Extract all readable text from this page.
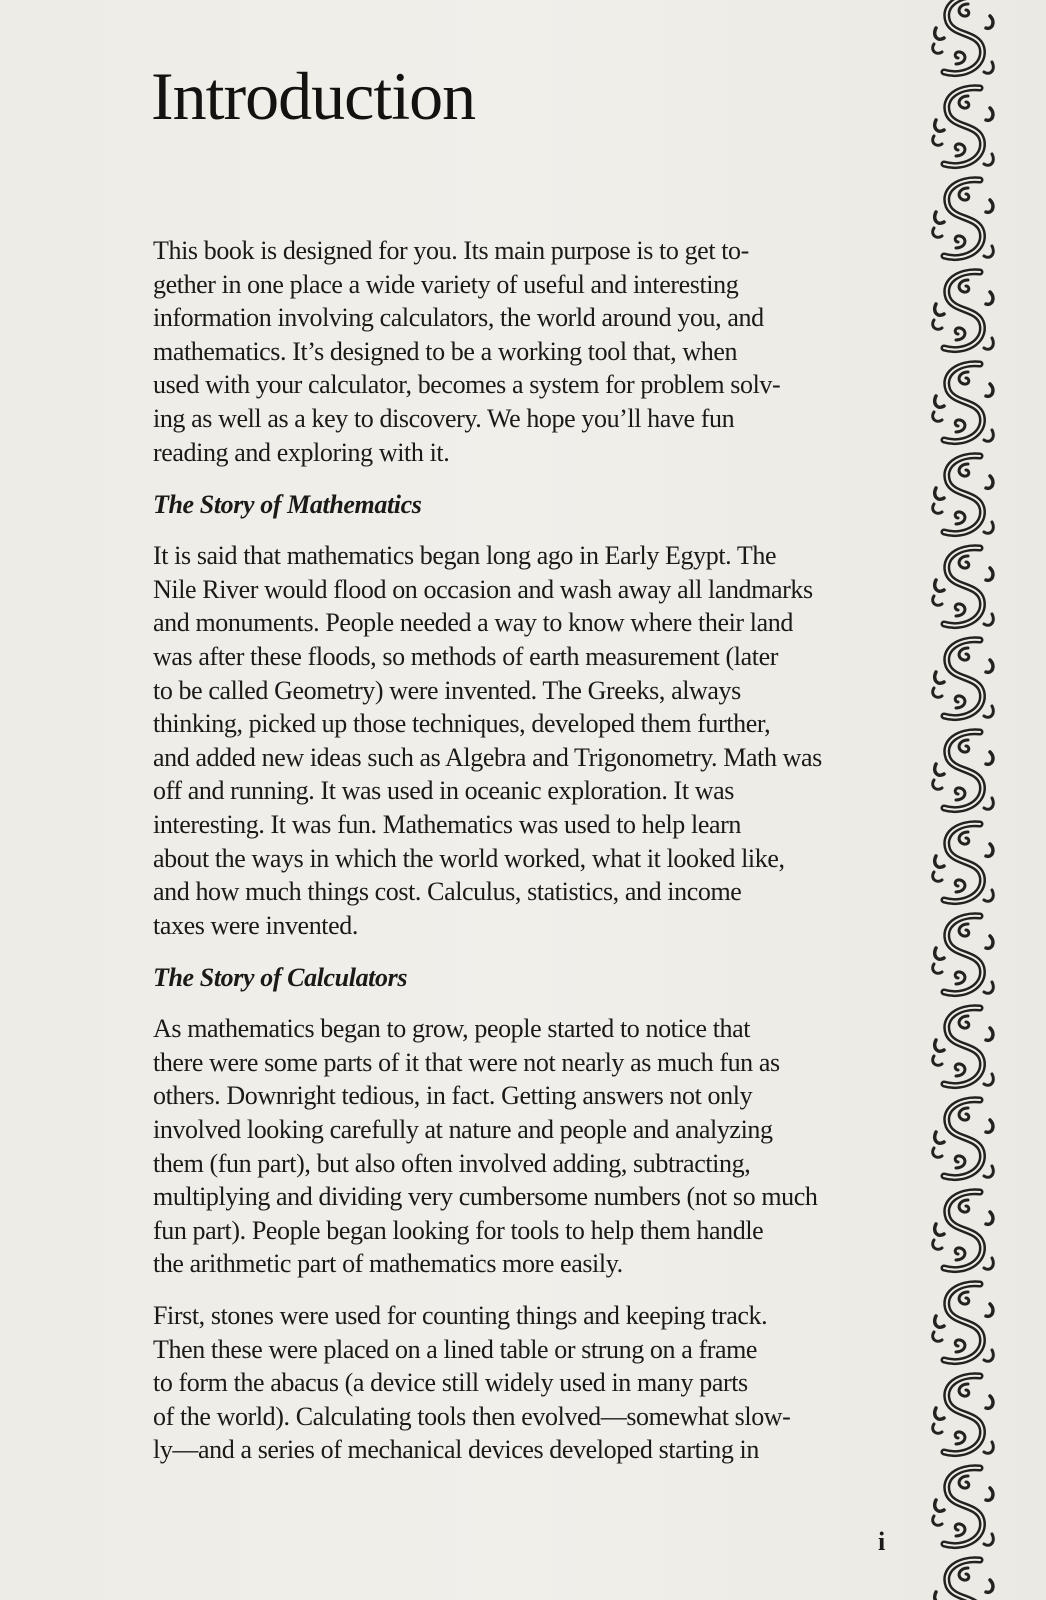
Introduction
This book is designed for you. Its main purpose is to get to-
gether in one place a wide variety of useful and interesting
information involving calculators, the world around you, and
mathematics. It’s designed to be a working tool that, when
used with your calculator, becomes a system for problem solv-
ing as well as a key to discovery. We hope you’ll have fun
reading and exploring with it.
The Story of Mathematics
It is said that mathematics began long ago in Early Egypt. The
Nile River would flood on occasion and wash away all landmarks
and monuments. People needed a way to know where their land
was after these floods, so methods of earth measurement (later
to be called Geometry) were invented. The Greeks, always
thinking, picked up those techniques, developed them further,
and added new ideas such as Algebra and Trigonometry. Math was
off and running. It was used in oceanic exploration. It was
interesting. It was fun. Mathematics was used to help learn
about the ways in which the world worked, what it looked like,
and how much things cost. Calculus, statistics, and income
taxes were invented.
The Story of Calculators
As mathematics began to grow, people started to notice that
there were some parts of it that were not nearly as much fun as
others. Downright tedious, in fact. Getting answers not only
involved looking carefully at nature and people and analyzing
them (fun part), but also often involved adding, subtracting,
multiplying and dividing very cumbersome numbers (not so much
fun part). People began looking for tools to help them handle
the arithmetic part of mathematics more easily.
First, stones were used for counting things and keeping track.
Then these were placed on a lined table or strung on a frame
to form the abacus (a device still widely used in many parts
of the world). Calculating tools then evolved—somewhat slow-
ly—and a series of mechanical devices developed starting in
i
